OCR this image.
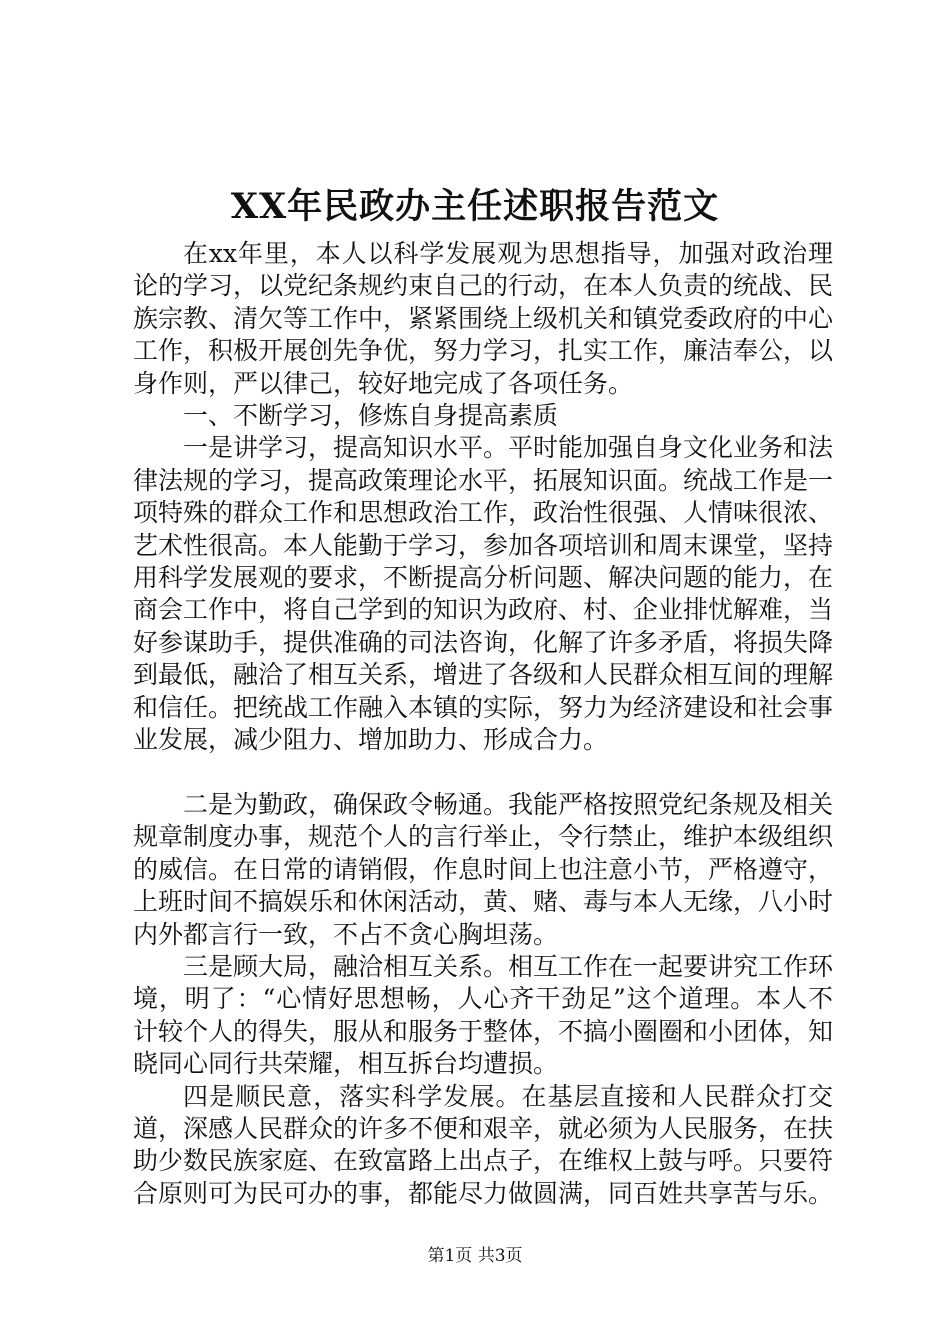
XX年民政办主任述职报告范文

在xx年里，本人以科学发展观为思想指导，加强对政治理论的学习，以党纪条规约束自己的行动，在本人负责的统战、民族宗教、清欠等工作中，紧紧围绕上级机关和镇党委政府的中心工作，积极开展创先争优，努力学习，扎实工作，廉洁奉公，以身作则，严以律己，较好地完成了各项任务。

一、不断学习，修炼自身提高素质

一是讲学习，提高知识水平。平时能加强自身文化业务和法律法规的学习，提高政策理论水平，拓展知识面。统战工作是一项特殊的群众工作和思想政治工作，政治性很强、人情味很浓、艺术性很高。本人能勤于学习，参加各项培训和周末课堂，坚持用科学发展观的要求，不断提高分析问题、解决问题的能力，在商会工作中，将自己学到的知识为政府、村、企业排忧解难，当好参谋助手，提供准确的司法咨询，化解了许多矛盾，将损失降到最低，融洽了相互关系，增进了各级和人民群众相互间的理解和信任。把统战工作融入本镇的实际，努力为经济建设和社会事业发展，减少阻力、增加助力、形成合力。

二是为勤政，确保政令畅通。我能严格按照党纪条规及相关规章制度办事，规范个人的言行举止，令行禁止，维护本级组织的威信。在日常的请销假，作息时间上也注意小节，严格遵守，上班时间不搞娱乐和休闲活动，黄、赌、毒与本人无缘，八小时内外都言行一致，不占不贪心胸坦荡。

三是顾大局，融洽相互关系。相互工作在一起要讲究工作环境，明了：“心情好思想畅，人心齐干劲足”这个道理。本人不计较个人的得失，服从和服务于整体，不搞小圈圈和小团体，知晓同心同行共荣耀，相互拆台均遭损。

四是顺民意，落实科学发展。在基层直接和人民群众打交道，深感人民群众的许多不便和艰辛，就必须为人民服务，在扶助少数民族家庭、在致富路上出点子，在维权上鼓与呼。只要符合原则可为民可办的事，都能尽力做圆满，同百姓共享苦与乐。

第1页 共3页
